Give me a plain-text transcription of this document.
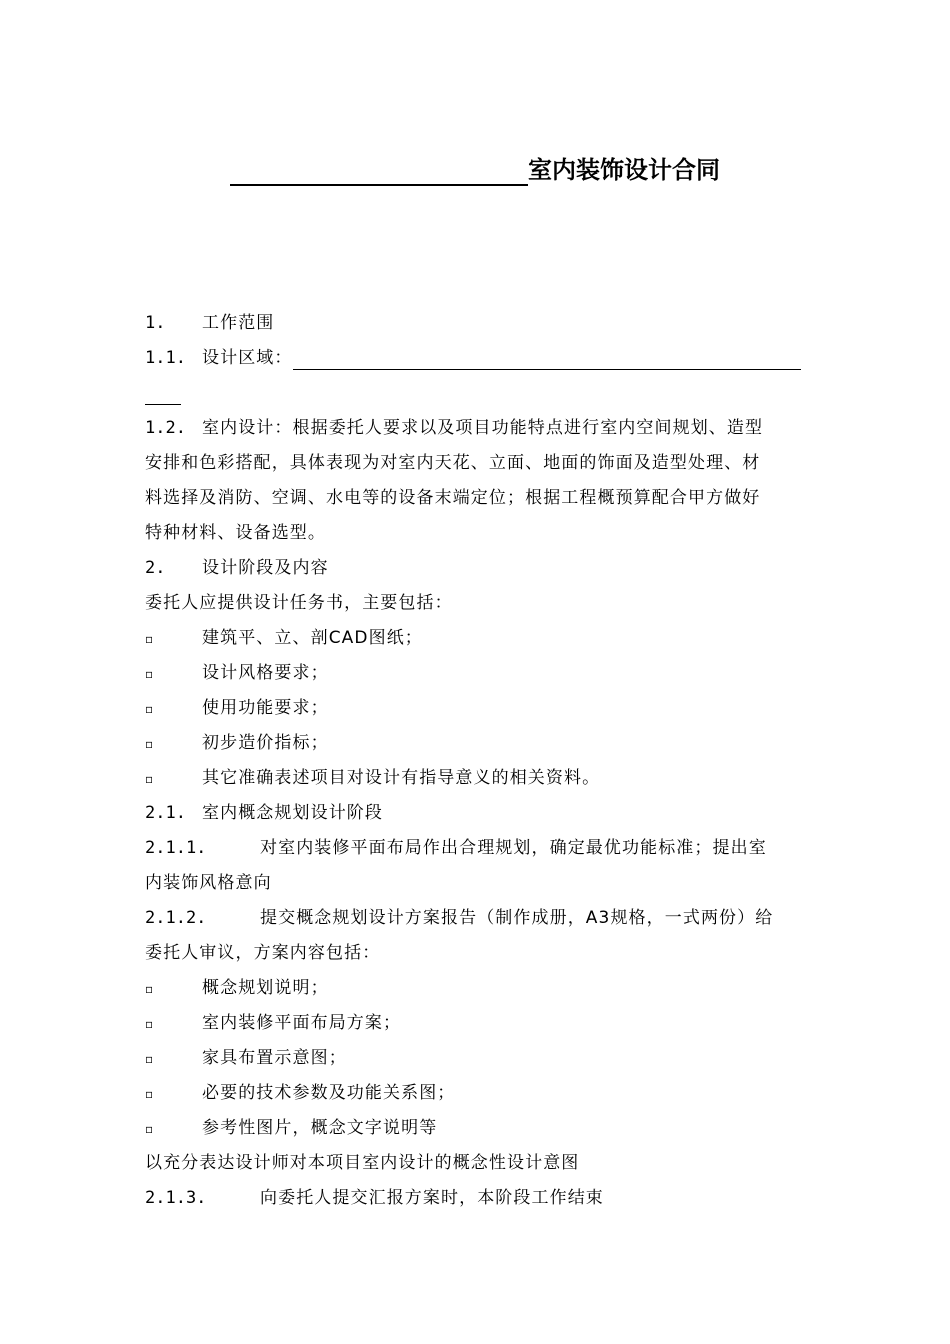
室内装饰设计合同
1. 工作范围
1.1. 设计区域：
1.2. 室内设计：根据委托人要求以及项目功能特点进行室内空间规划、造型
安排和色彩搭配，具体表现为对室内天花、立面、地面的饰面及造型处理、材
料选择及消防、空调、水电等的设备末端定位；根据工程概预算配合甲方做好
特种材料、设备选型。
2. 设计阶段及内容
委托人应提供设计任务书，主要包括：
▫	建筑平、立、剖CAD图纸；
▫	设计风格要求；
▫	使用功能要求；
▫	初步造价指标；
▫	其它准确表述项目对设计有指导意义的相关资料。
2.1. 室内概念规划设计阶段
2.1.1.	对室内装修平面布局作出合理规划，确定最优功能标准；提出室
内装饰风格意向
2.1.2.	提交概念规划设计方案报告（制作成册，A3规格，一式两份）给
委托人审议，方案内容包括：
▫	概念规划说明；
▫	室内装修平面布局方案；
▫	家具布置示意图；
▫	必要的技术参数及功能关系图；
▫	参考性图片，概念文字说明等
以充分表达设计师对本项目室内设计的概念性设计意图
2.1.3.	向委托人提交汇报方案时，本阶段工作结束
